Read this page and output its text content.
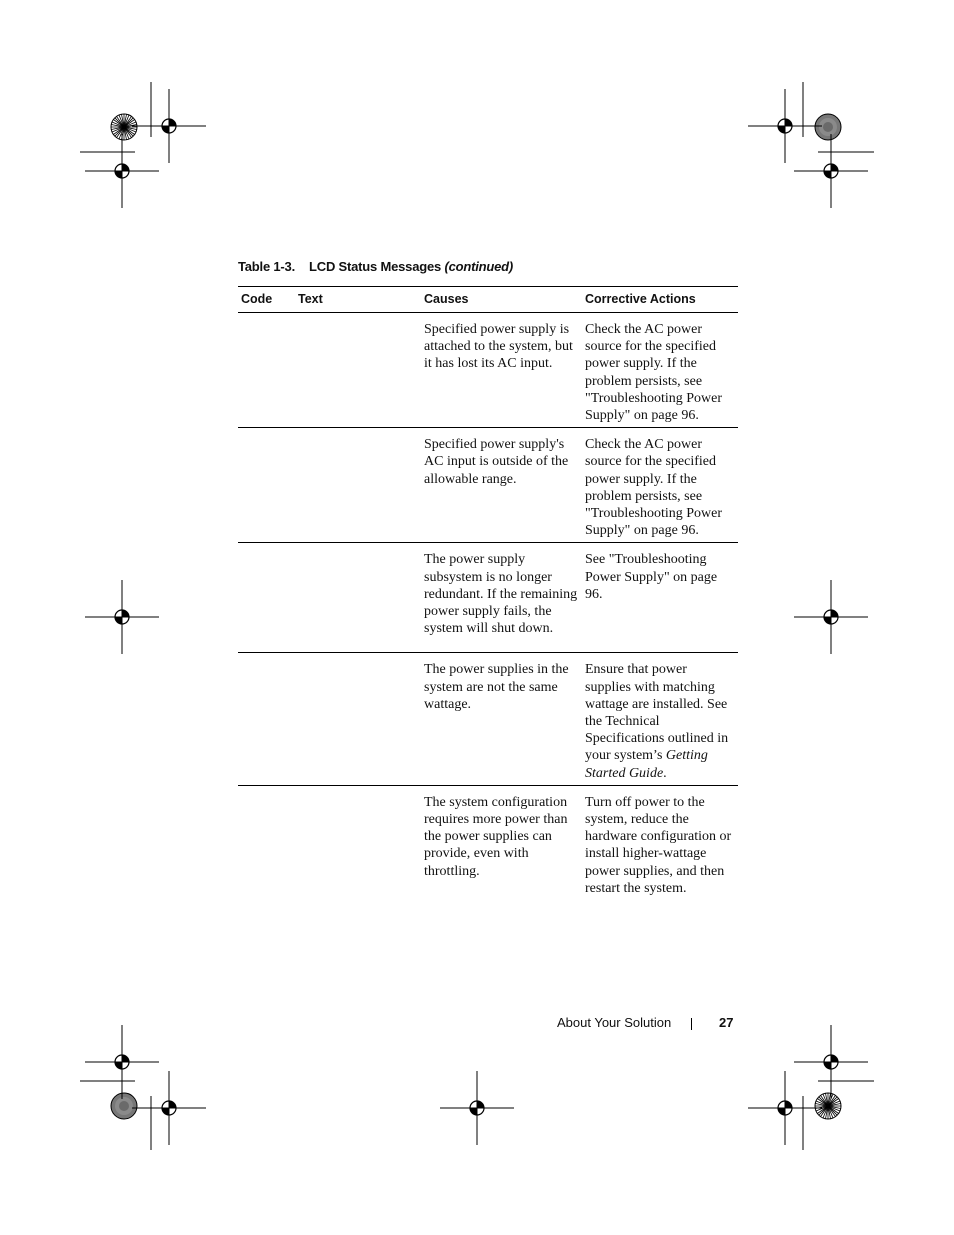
Table 1-3. LCD Status Messages (continued)
Code	Text	Causes	Corrective Actions
		Specified power supply is attached to the system, but it has lost its AC input.	Check the AC power source for the specified power supply. If the problem persists, see "Troubleshooting Power Supply" on page 96.
		Specified power supply's AC input is outside of the allowable range.	Check the AC power source for the specified power supply. If the problem persists, see "Troubleshooting Power Supply" on page 96.
		The power supply subsystem is no longer redundant. If the remaining power supply fails, the system will shut down.	See "Troubleshooting Power Supply" on page 96.
		The power supplies in the system are not the same wattage.	Ensure that power supplies with matching wattage are installed. See the Technical Specifications outlined in your system’s Getting Started Guide.
		The system configuration requires more power than the power supplies can provide, even with throttling.	Turn off power to the system, reduce the hardware configuration or install higher-wattage power supplies, and then restart the system.
About Your Solution	27
